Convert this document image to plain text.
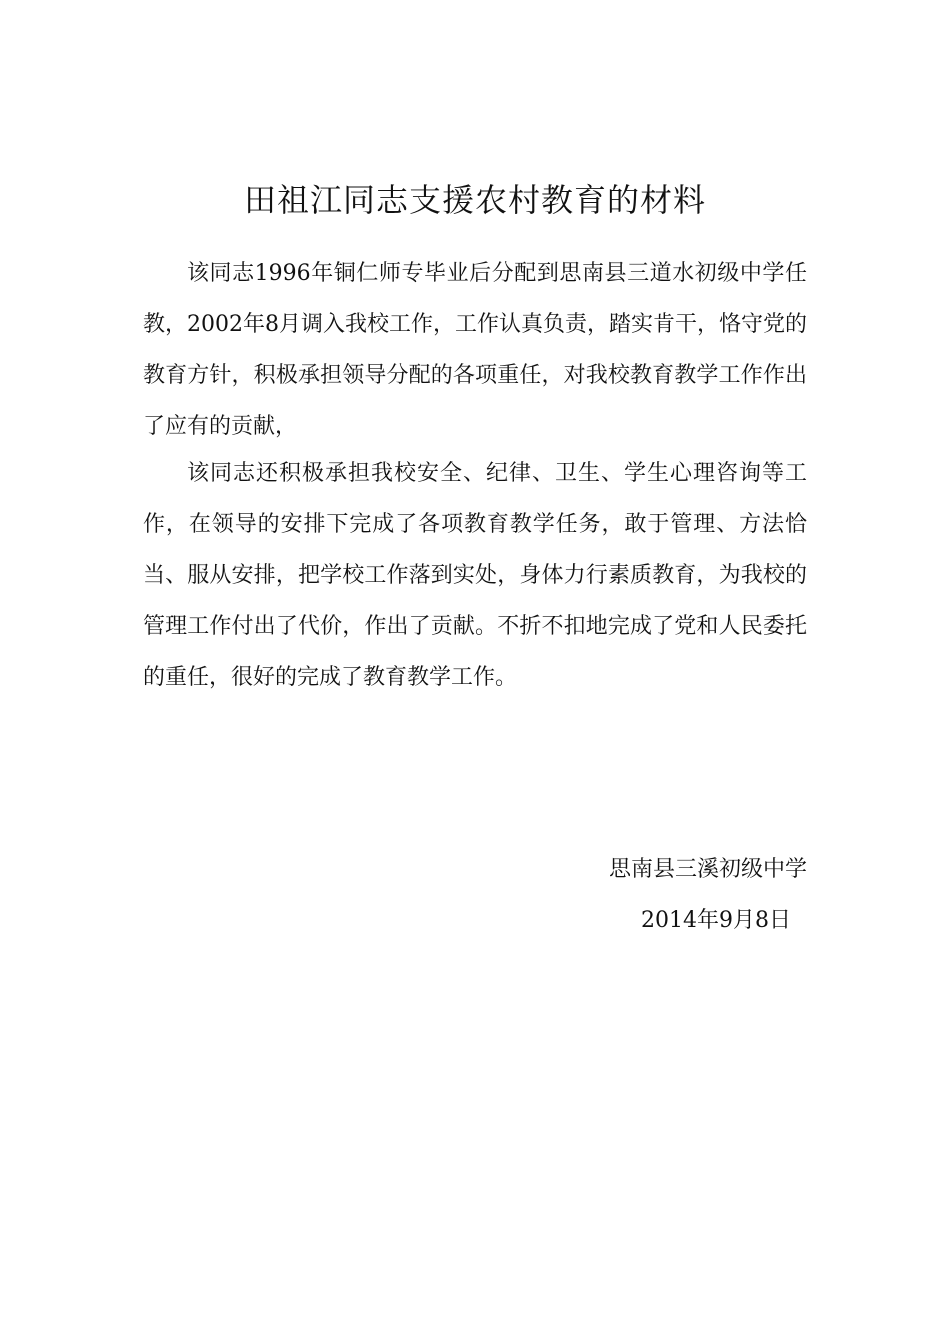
田祖江同志支援农村教育的材料

该同志1996年铜仁师专毕业后分配到思南县三道水初级中学任教，2002年8月调入我校工作，工作认真负责，踏实肯干，恪守党的教育方针，积极承担领导分配的各项重任，对我校教育教学工作作出了应有的贡献，

该同志还积极承担我校安全、纪律、卫生、学生心理咨询等工作，在领导的安排下完成了各项教育教学任务，敢于管理、方法恰当、服从安排，把学校工作落到实处，身体力行素质教育，为我校的管理工作付出了代价，作出了贡献。不折不扣地完成了党和人民委托的重任，很好的完成了教育教学工作。

思南县三溪初级中学
2014年9月8日
